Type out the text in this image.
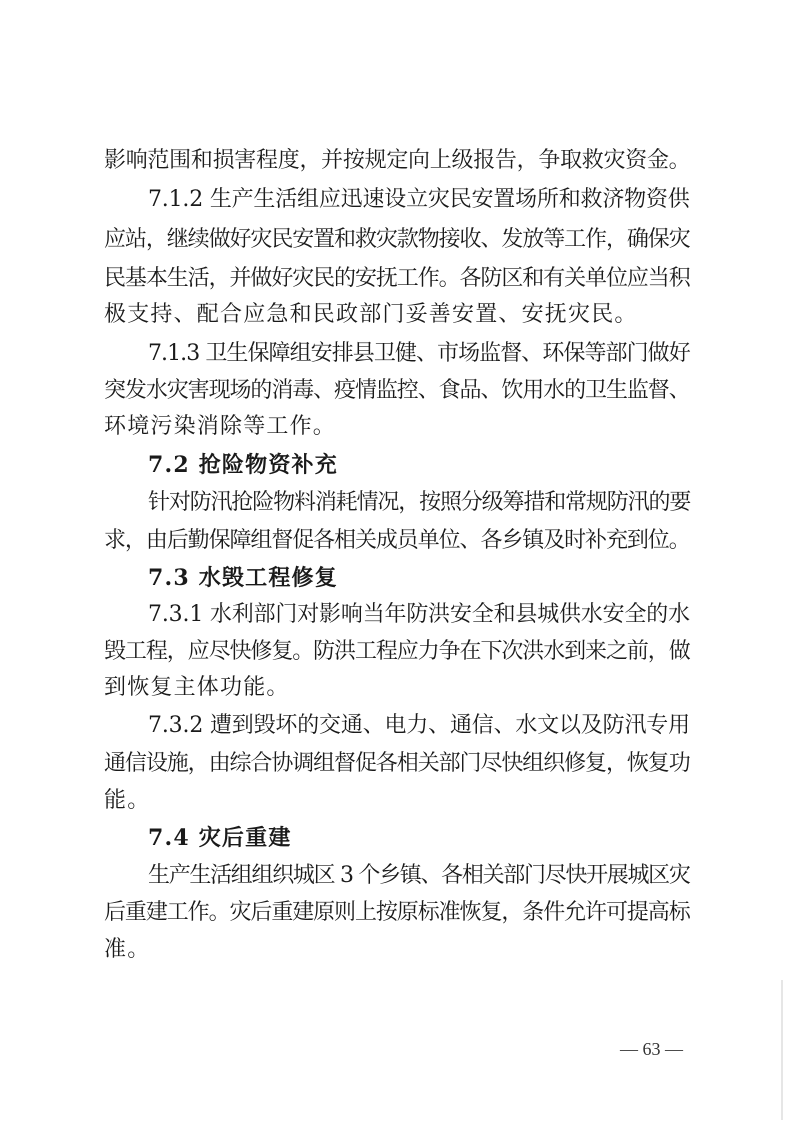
影响范围和损害程度，并按规定向上级报告，争取救灾资金。
7.1.2 生产生活组应迅速设立灾民安置场所和救济物资供
应站，继续做好灾民安置和救灾款物接收、发放等工作，确保灾
民基本生活，并做好灾民的安抚工作。各防区和有关单位应当积
极支持、配合应急和民政部门妥善安置、安抚灾民。
7.1.3 卫生保障组安排县卫健、市场监督、环保等部门做好
突发水灾害现场的消毒、疫情监控、食品、饮用水的卫生监督、
环境污染消除等工作。
7.2 抢险物资补充
针对防汛抢险物料消耗情况，按照分级筹措和常规防汛的要
求，由后勤保障组督促各相关成员单位、各乡镇及时补充到位。
7.3 水毁工程修复
7.3.1 水利部门对影响当年防洪安全和县城供水安全的水
毁工程，应尽快修复。防洪工程应力争在下次洪水到来之前，做
到恢复主体功能。
7.3.2 遭到毁坏的交通、电力、通信、水文以及防汛专用
通信设施，由综合协调组督促各相关部门尽快组织修复，恢复功
能。
7.4 灾后重建
生产生活组组织城区 3 个乡镇、各相关部门尽快开展城区灾
后重建工作。灾后重建原则上按原标准恢复，条件允许可提高标
准。
— 63 —
